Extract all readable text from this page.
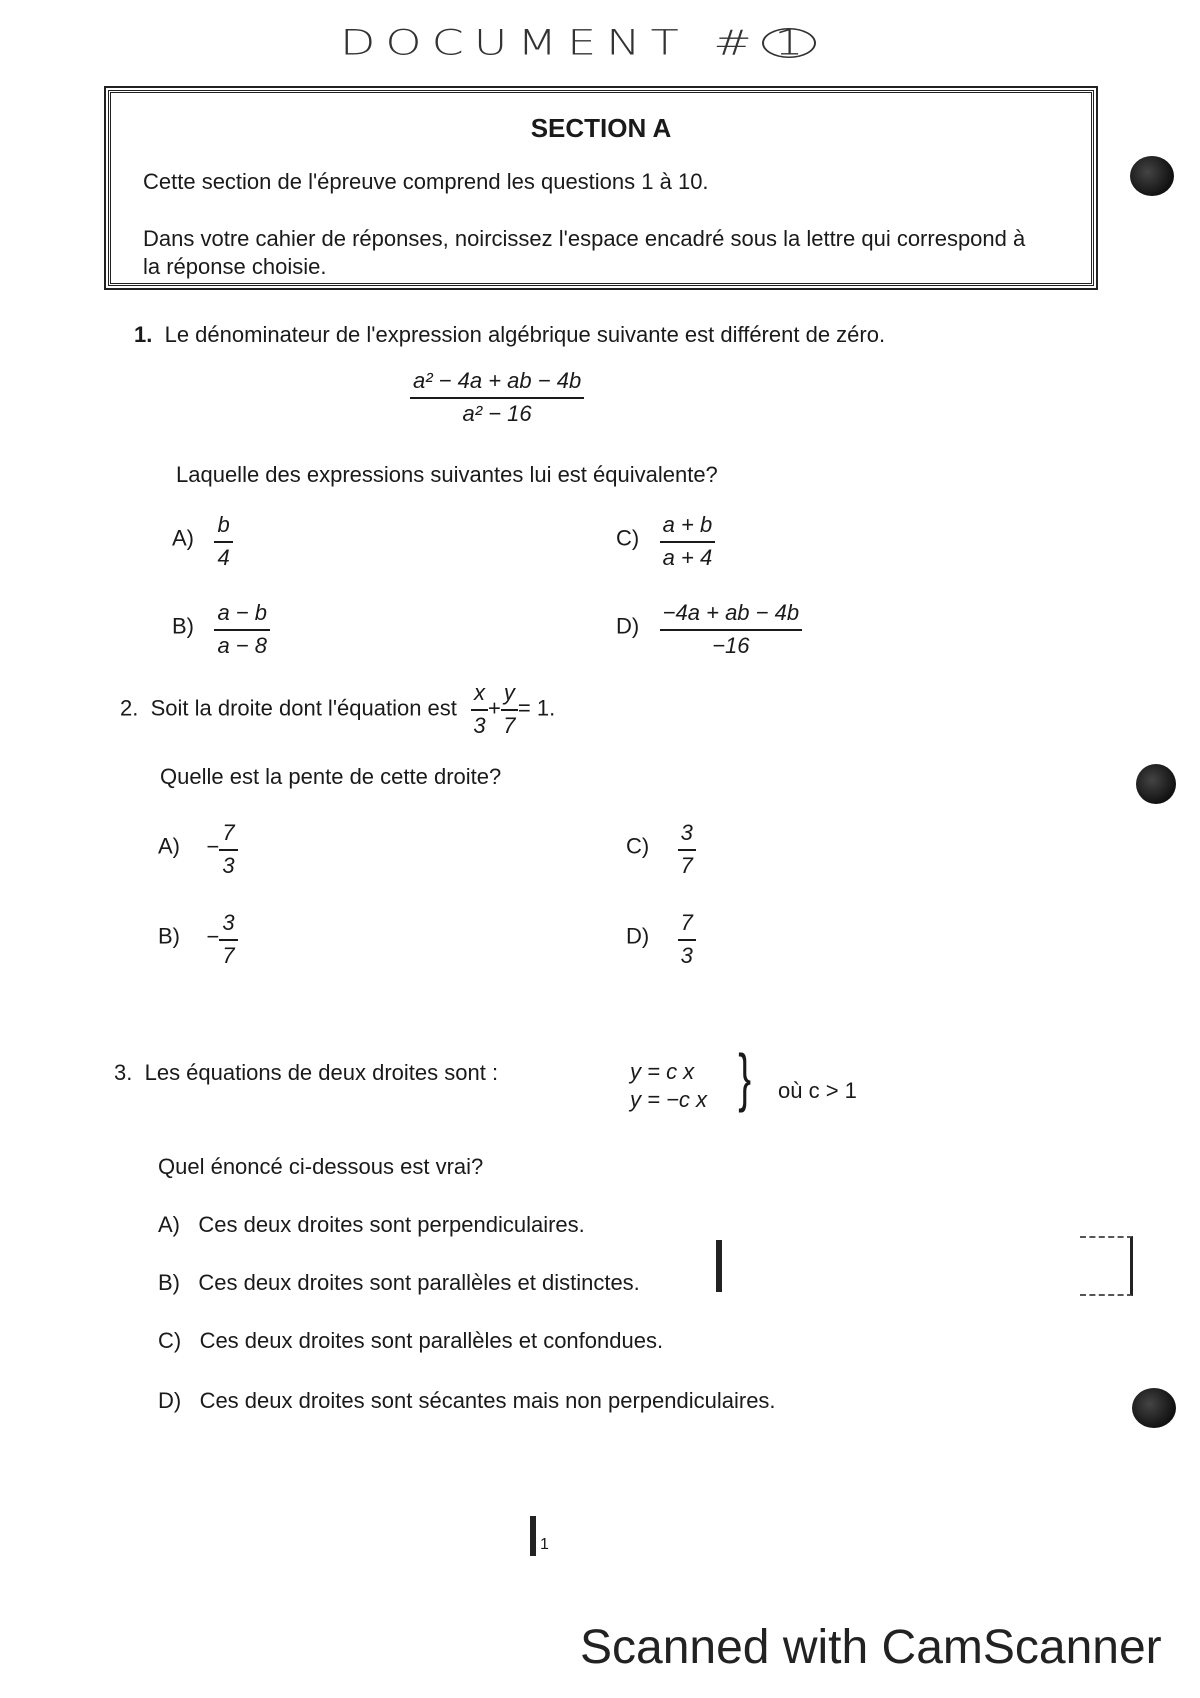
DOCUMENT # 1
SECTION A
Cette section de l'épreuve comprend les questions 1 à 10.
Dans votre cahier de réponses, noircissez l'espace encadré sous la lettre qui correspond à la réponse choisie.
1. Le dénominateur de l'expression algébrique suivante est différent de zéro.
$\frac{\text{a² − 4a + ab − 4b}}{\text{a² − 16}}$
Laquelle des expressions suivantes lui est équivalente?
$A) \frac{b}{4}$
$B) \frac{a - b}{a - 8}$
$C) \frac{a + b}{a + 4}$
$D) \frac{-4a + ab - 4b}{-16}$
2. Soit la droite dont l'équation est $\frac{x}{3} + \frac{y}{7} = 1$.
Quelle est la pente de cette droite?
$A) - \frac{7}{3}$
$B) - \frac{3}{7}$
$C) \frac{3}{7}$
$D) \frac{7}{3}$
3. Les équations de deux droites sont :	y = c x
y = −c x } où c > 1
Quel énoncé ci-dessous est vrai?
A) Ces deux droites sont perpendiculaires.
B) Ces deux droites sont parallèles et distinctes.
C) Ces deux droites sont parallèles et confondues.
D) Ces deux droites sont sécantes mais non perpendiculaires.
1
Scanned with CamScanner
